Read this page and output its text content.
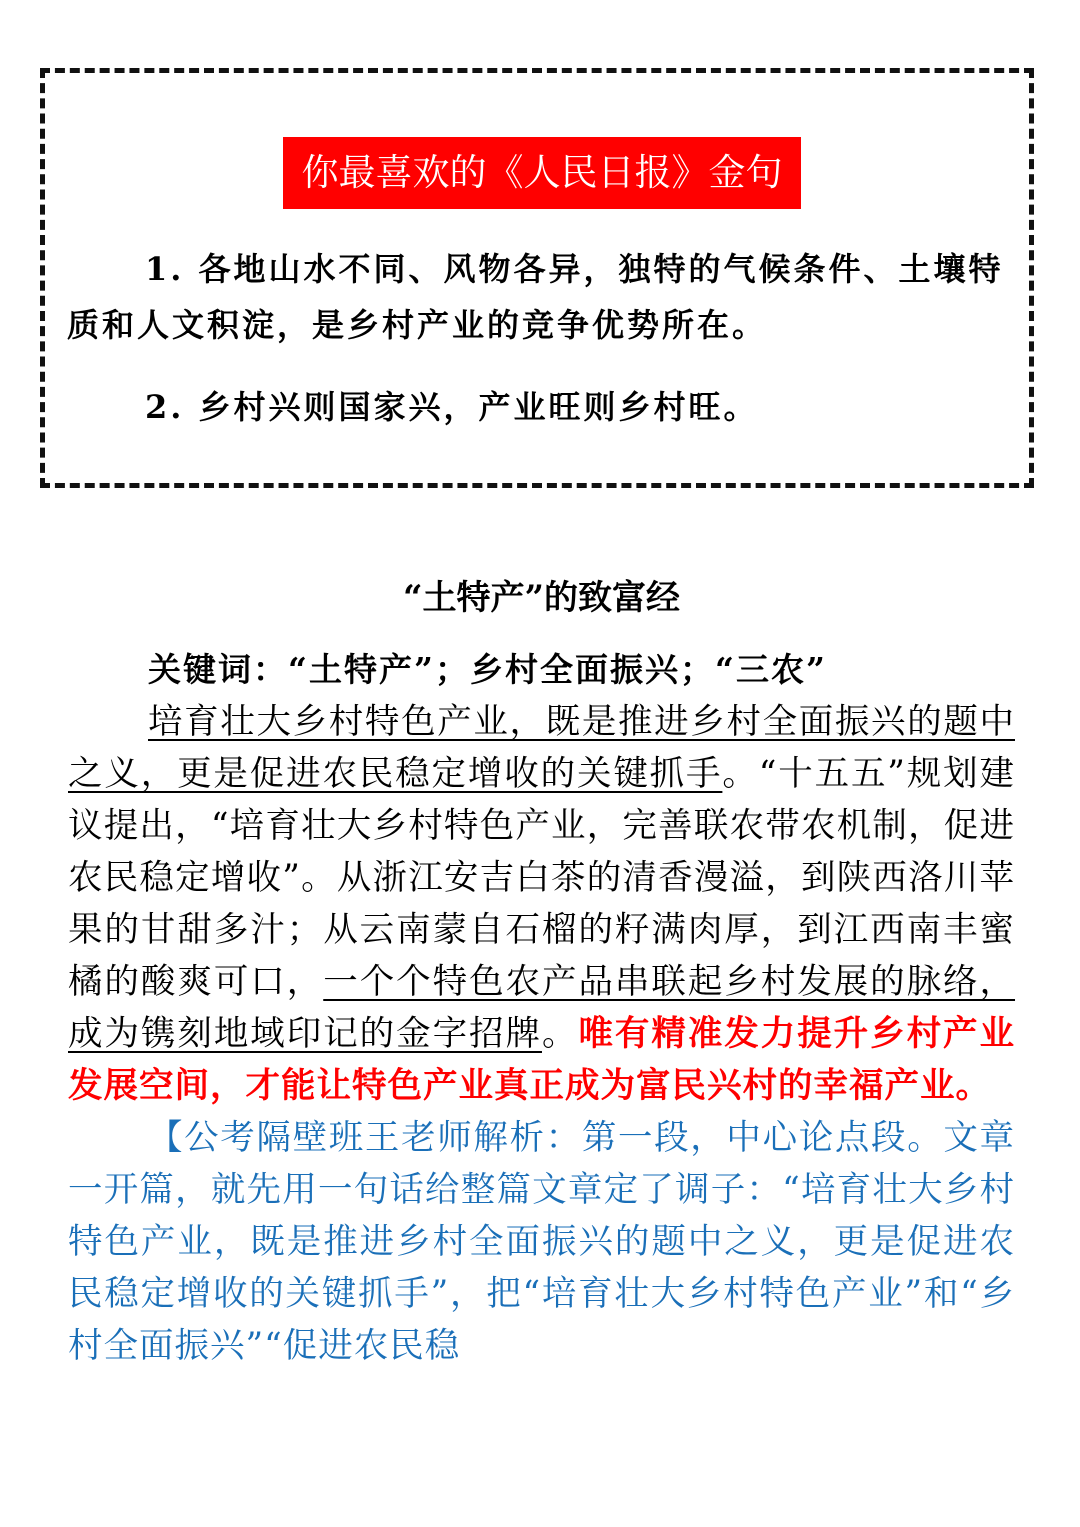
你最喜欢的《人民日报》金句

1. 各地山水不同、风物各异，独特的气候条件、土壤特质和人文积淀，是乡村产业的竞争优势所在。

2. 乡村兴则国家兴，产业旺则乡村旺。

“土特产”的致富经

关键词：“土特产”；乡村全面振兴；“三农”

培育壮大乡村特色产业，既是推进乡村全面振兴的题中之义，更是促进农民稳定增收的关键抓手。“十五五”规划建议提出，“培育壮大乡村特色产业，完善联农带农机制，促进农民稳定增收”。从浙江安吉白茶的清香漫溢，到陕西洛川苹果的甘甜多汁；从云南蒙自石榴的籽满肉厚，到江西南丰蜜橘的酸爽可口，一个个特色农产品串联起乡村发展的脉络，成为镌刻地域印记的金字招牌。唯有精准发力提升乡村产业发展空间，才能让特色产业真正成为富民兴村的幸福产业。

【公考隔壁班王老师解析：第一段，中心论点段。文章一开篇，就先用一句话给整篇文章定了调子：“培育壮大乡村特色产业，既是推进乡村全面振兴的题中之义，更是促进农民稳定增收的关键抓手”，把“培育壮大乡村特色产业”和“乡村全面振兴”“促进农民稳
